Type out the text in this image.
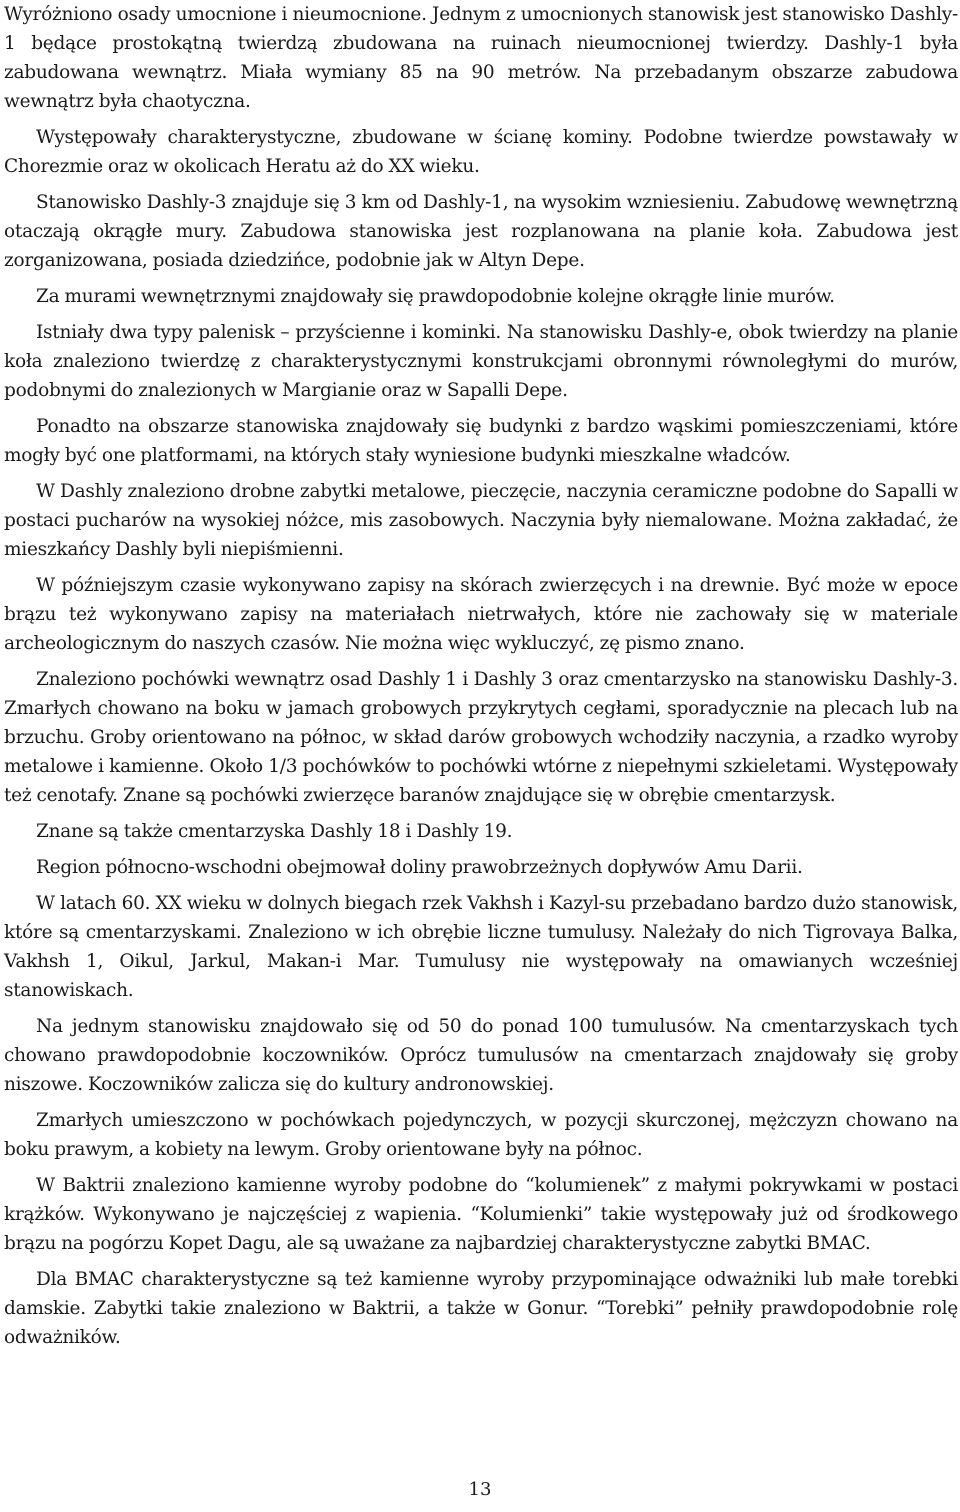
Wyróżniono osady umocnione i nieumocnione. Jednym z umocnionych stanowisk jest stanowisko Dashly-1 będące prostokątną twierdzą zbudowana na ruinach nieumocnionej twierdzy. Dashly-1 była zabudowana wewnątrz. Miała wymiany 85 na 90 metrów. Na przebadanym obszarze zabudowa wewnątrz była chaotyczna.

Występowały charakterystyczne, zbudowane w ścianę kominy. Podobne twierdze powstawały w Chorezmie oraz w okolicach Heratu aż do XX wieku.

Stanowisko Dashly-3 znajduje się 3 km od Dashly-1, na wysokim wzniesieniu. Zabudowę wewnętrzną otaczają okrągłe mury. Zabudowa stanowiska jest rozplanowana na planie koła. Zabudowa jest zorganizowana, posiada dziedzińce, podobnie jak w Altyn Depe.

Za murami wewnętrznymi znajdowały się prawdopodobnie kolejne okrągłe linie murów.

Istniały dwa typy palenisk – przyścienne i kominki. Na stanowisku Dashly-e, obok twierdzy na planie koła znaleziono twierdzę z charakterystycznymi konstrukcjami obronnymi równoległymi do murów, podobnymi do znalezionych w Margianie oraz w Sapalli Depe.

Ponadto na obszarze stanowiska znajdowały się budynki z bardzo wąskimi pomieszczeniami, które mogły być one platformami, na których stały wyniesione budynki mieszkalne władców.

W Dashly znaleziono drobne zabytki metalowe, pieczęcie, naczynia ceramiczne podobne do Sapalli w postaci pucharów na wysokiej nóżce, mis zasobowych. Naczynia były niemalowane. Można zakładać, że mieszkańcy Dashly byli niepiśmienni.

W późniejszym czasie wykonywano zapisy na skórach zwierzęcych i na drewnie. Być może w epoce brązu też wykonywano zapisy na materiałach nietrwałych, które nie zachowały się w materiale archeologicznym do naszych czasów. Nie można więc wykluczyć, zę pismo znano.

Znaleziono pochówki wewnątrz osad Dashly 1 i Dashly 3 oraz cmentarzysko na stanowisku Dashly-3. Zmarłych chowano na boku w jamach grobowych przykrytych cegłami, sporadycznie na plecach lub na brzuchu. Groby orientowano na północ, w skład darów grobowych wchodziły naczynia, a rzadko wyroby metalowe i kamienne. Około 1/3 pochówków to pochówki wtórne z niepełnymi szkieletami. Występowały też cenotafy. Znane są pochówki zwierzęce baranów znajdujące się w obrębie cmentarzysk.

Znane są także cmentarzyska Dashly 18 i Dashly 19.

Region północno-wschodni obejmował doliny prawobrzeżnych dopływów Amu Darii.

W latach 60. XX wieku w dolnych biegach rzek Vakhsh i Kazyl-su przebadano bardzo dużo stanowisk, które są cmentarzyskami. Znaleziono w ich obrębie liczne tumulusy. Należały do nich Tigrovaya Balka, Vakhsh 1, Oikul, Jarkul, Makan-i Mar. Tumulusy nie występowały na omawianych wcześniej stanowiskach.

Na jednym stanowisku znajdowało się od 50 do ponad 100 tumulusów. Na cmentarzyskach tych chowano prawdopodobnie koczowników. Oprócz tumulusów na cmentarzach znajdowały się groby niszowe. Koczowników zalicza się do kultury andronowskiej.

Zmarłych umieszczono w pochówkach pojedynczych, w pozycji skurczonej, mężczyzn chowano na boku prawym, a kobiety na lewym. Groby orientowane były na północ.

W Baktrii znaleziono kamienne wyroby podobne do “kolumienek” z małymi pokrywkami w postaci krążków. Wykonywano je najczęściej z wapienia. “Kolumienki” takie występowały już od środkowego brązu na pogórzu Kopet Dagu, ale są uważane za najbardziej charakterystyczne zabytki BMAC.

Dla BMAC charakterystyczne są też kamienne wyroby przypominające odważniki lub małe torebki damskie. Zabytki takie znaleziono w Baktrii, a także w Gonur. “Torebki” pełniły prawdopodobnie rolę odważników.

13
